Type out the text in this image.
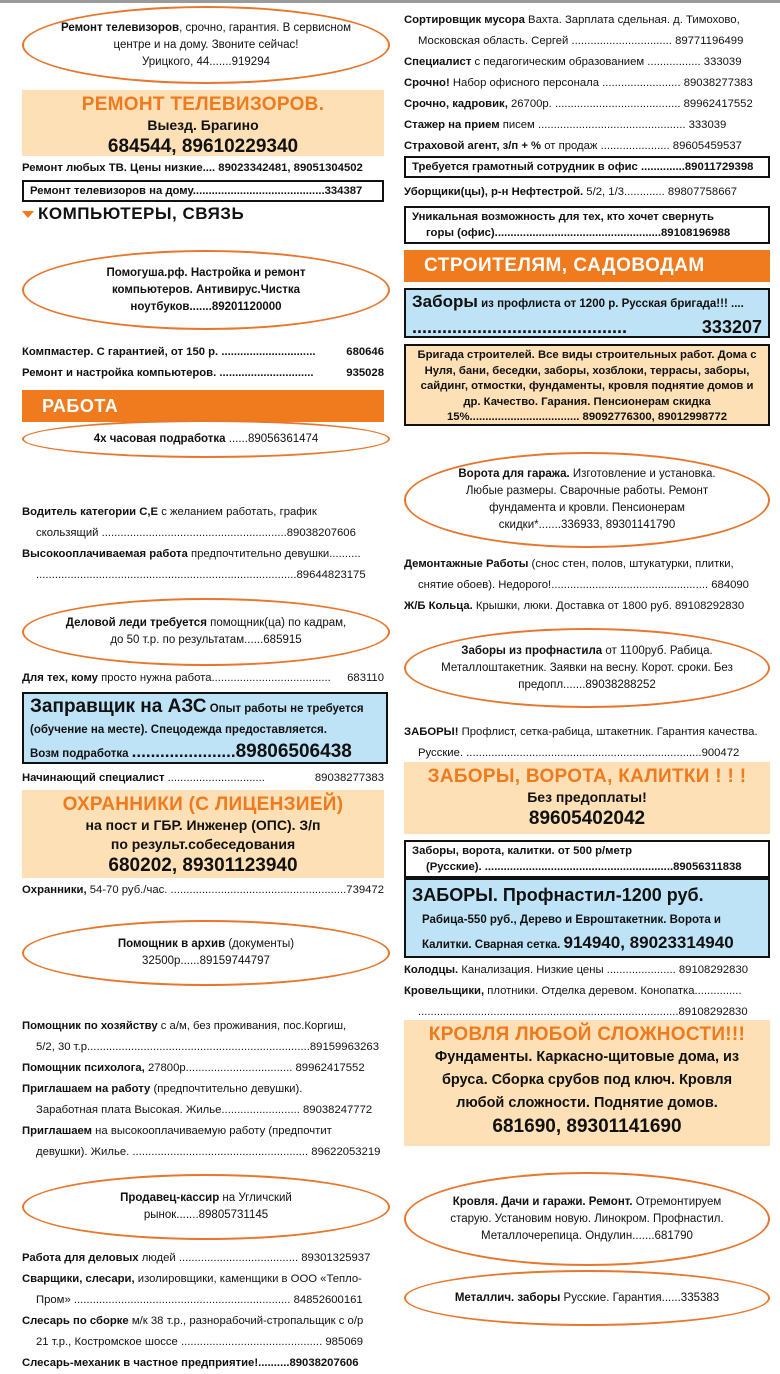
Ремонт телевизоров, срочно, гарантия. В сервисном центре и на дому. Звоните сейчас!
Урицкого, 44.......919294
РЕМОНТ ТЕЛЕВИЗОРОВ.
Выезд. Брагино
684544, 89610229340
Ремонт любых ТВ. Цены низкие.... 89023342481, 89051304502
Ремонт телевизоров на дому..........................................334387
КОМПЬЮТЕРЫ, СВЯЗЬ
Помогуша.рф. Настройка и ремонт
компьютеров. Антивирус.Чистка
ноутбуков.......89201120000
Компмастер. С гарантией, от 150 р. ..............................	680646
Ремонт и настройка компьютеров. ..............................	935028
РАБОТА
4х часовая подработка ......89056361474
Водитель категории С,Е с желанием работать, график
скользящий ...........................................................89038207606
Высокооплачиваемая работа предпочтительно девушки..........
...................................................................................89644823175
Деловой леди требуется помощник(ца) по кадрам, до 50 т.р. по результатам......685915
Для тех, кому просто нужна работа...................................... 683110
Заправщик на АЗС Опыт работы не требуется
(обучение на месте). Спецодежда предоставляется.
Возм подработка ......................89806506438
Начинающий специалист ...............................	89038277383
ОХРАННИКИ (С ЛИЦЕНЗИЕЙ)
на пост и ГБР. Инженер (ОПС). З/п
по результ.собеседования
680202, 89301123940
Охранники, 54-70 руб./час. ........................................................ 739472
Помощник в архив (документы)
32500р......89159744797
Помощник по хозяйству с а/м, без проживания, пос.Коргиш,
5/2, 30 т.р.......................................................................89159963263
Помощник психолога, 27800р.................................. 89962417552
Приглашаем на работу (предпочтительно девушки).
Заработная плата Высокая. Жилье......................... 89038247772
Приглашаем на высокооплачиваемую работу (предпочтит
девушки). Жилье. ........................................................ 89622053219
Продавец-кассир на Угличский
рынок.......89805731145
Работа для деловых людей ...................................... 89301325937
Сварщики, слесари, изолировщики, каменщики в ООО «Тепло-
Пром» ..................................................................... 84852600161
Слесарь по сборке м/к 38 т.р., разнорабочий-стропальщик с о/р
21 т.р., Костромское шоссе ............................................. 985069
Слесарь-механик в частное предприятие!..........89038207606
Сортировщик мусора Вахта. Зарплата сдельная. д. Тимохово,
Московская область. Сергей ................................ 89771196499
Специалист с педагогическим образованием ................. 333039
Срочно! Набор офисного персонала ......................... 89038277383
Срочно, кадровик, 26700р. ........................................ 89962417552
Стажер на прием писем ............................................... 333039
Страховой агент, з/п + % от продаж ...................... 89605459537
Требуется грамотный сотрудник в офис ..............89011729398
Уборщики(цы), р-н Нефтестрой. 5/2, 1/3............. 89807758667
Уникальная возможность для тех, кто хочет свернуть
горы (офис).....................................................89108196988
СТРОИТЕЛЯМ, САДОВОДАМ
Заборы из профлиста от 1200 р. Русская бригада!!! ....
...........................................	333207
Бригада строителей. Все виды строительных работ. Дома с Нуля, бани, беседки, заборы, хозблоки, террасы, заборы, сайдинг, отмостки, фундаменты, кровля поднятие домов и др. Качество. Гарания. Пенсионерам скидка 15%................................... 89092776300, 89012998772
Ворота для гаража. Изготовление и установка. Любые размеры. Сварочные работы. Ремонт фундамента и кровли. Пенсионерам скидки*.......336933, 89301141790
Демонтажные Работы (снос стен, полов, штукатурки, плитки,
снятие обоев). Недорого!.................................................. 684090
Ж/Б Кольца. Крышки, люки. Доставка от 1800 руб. 89108292830
Заборы из профнастила от 1100руб. Рабица. Металлоштакетник. Заявки на весну. Корот. сроки. Без предопл.......89038288252
ЗАБОРЫ! Профлист, сетка-рабица, штакетник. Гарантия качества.
Русские. ...........................................................................900472
ЗАБОРЫ, ВОРОТА, КАЛИТКИ ! ! !
Без предоплаты!
89605402042
Заборы, ворота, калитки. от 500 р/метр
(Русские). ............................................................89056311838
ЗАБОРЫ. Профнастил-1200 руб.
Рабица-550 руб., Дерево и Евроштакетник. Ворота и
Калитки. Сварная сетка. 914940, 89023314940
Колодцы. Канализация. Низкие цены ...................... 89108292830
Кровельщики, плотники. Отделка деревом. Конопатка...............
...................................................................................89108292830
КРОВЛЯ ЛЮБОЙ СЛОЖНОСТИ!!!
Фундаменты. Каркасно-щитовые дома, из
бруса. Сборка срубов под ключ. Кровля
любой сложности. Поднятие домов.
681690, 89301141690
Кровля. Дачи и гаражи. Ремонт. Отремонтируем старую. Установим новую. Линокром. Профнастил. Металлочерепица. Ондулин.......681790
Металлич. заборы Русские. Гарантия......335383
